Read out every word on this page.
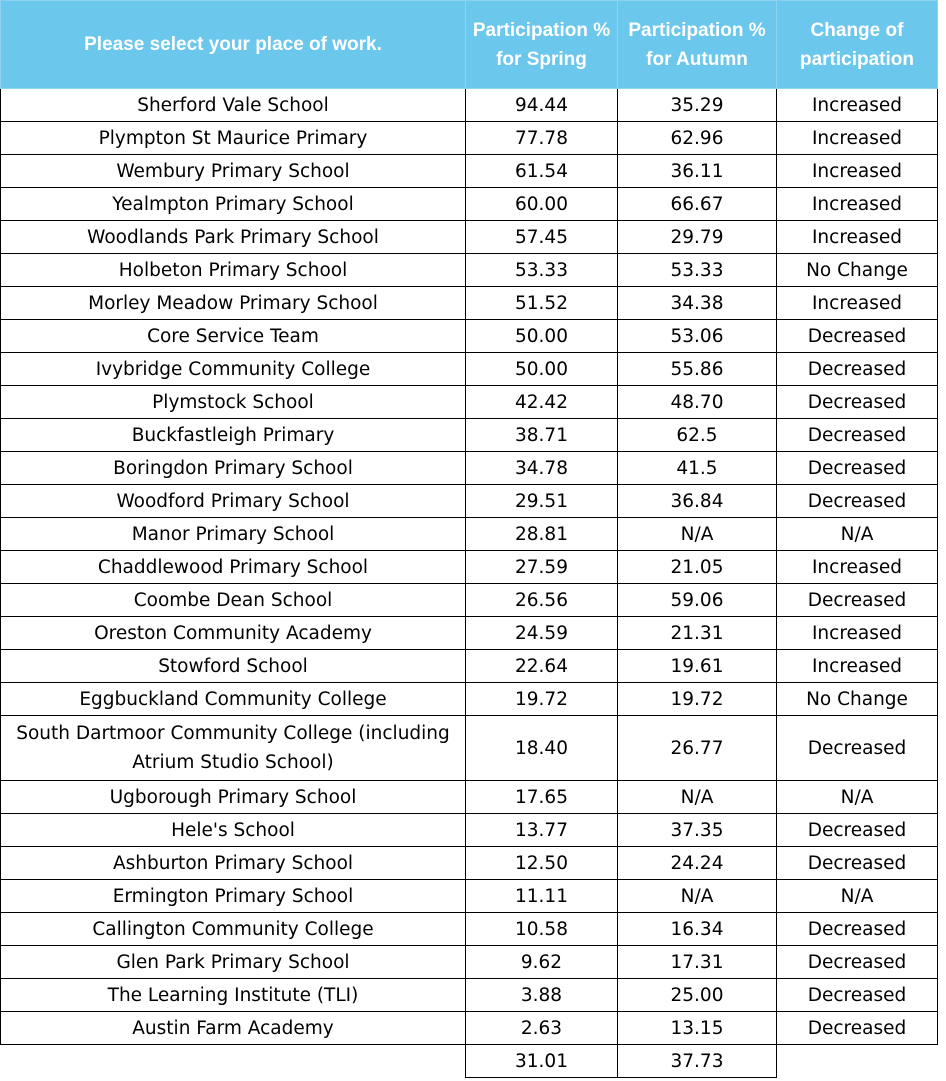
Please select your place of work.	Participation % for Spring	Participation % for Autumn	Change of participation
Sherford Vale School	94.44	35.29	Increased
Plympton St Maurice Primary	77.78	62.96	Increased
Wembury Primary School	61.54	36.11	Increased
Yealmpton Primary School	60.00	66.67	Increased
Woodlands Park Primary School	57.45	29.79	Increased
Holbeton Primary School	53.33	53.33	No Change
Morley Meadow Primary School	51.52	34.38	Increased
Core Service Team	50.00	53.06	Decreased
Ivybridge Community College	50.00	55.86	Decreased
Plymstock School	42.42	48.70	Decreased
Buckfastleigh Primary	38.71	62.5	Decreased
Boringdon Primary School	34.78	41.5	Decreased
Woodford Primary School	29.51	36.84	Decreased
Manor Primary School	28.81	N/A	N/A
Chaddlewood Primary School	27.59	21.05	Increased
Coombe Dean School	26.56	59.06	Decreased
Oreston Community Academy	24.59	21.31	Increased
Stowford School	22.64	19.61	Increased
Eggbuckland Community College	19.72	19.72	No Change
South Dartmoor Community College (including Atrium Studio School)	18.40	26.77	Decreased
Ugborough Primary School	17.65	N/A	N/A
Hele's School	13.77	37.35	Decreased
Ashburton Primary School	12.50	24.24	Decreased
Ermington Primary School	11.11	N/A	N/A
Callington Community College	10.58	16.34	Decreased
Glen Park Primary School	9.62	17.31	Decreased
The Learning Institute (TLI)	3.88	25.00	Decreased
Austin Farm Academy	2.63	13.15	Decreased
	31.01	37.73	
